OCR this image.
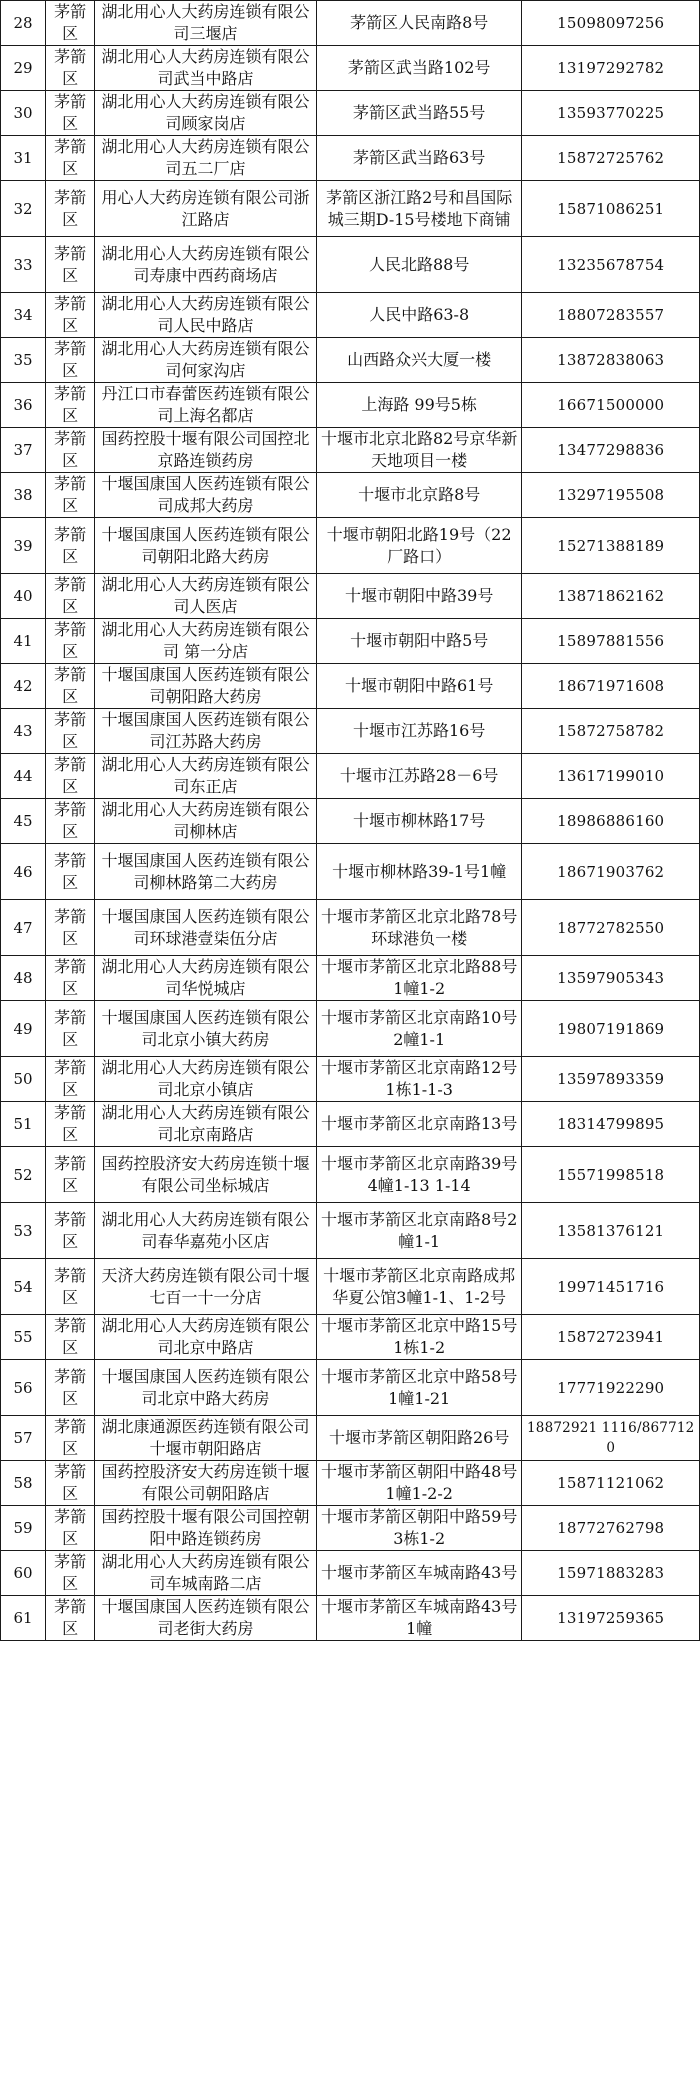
28	茅箭区	湖北用心人大药房连锁有限公司三堰店	茅箭区人民南路8号	15098097256
29	茅箭区	湖北用心人大药房连锁有限公司武当中路店	茅箭区武当路102号	13197292782
30	茅箭区	湖北用心人大药房连锁有限公司顾家岗店	茅箭区武当路55号	13593770225
31	茅箭区	湖北用心人大药房连锁有限公司五二厂店	茅箭区武当路63号	15872725762
32	茅箭区	用心人大药房连锁有限公司浙江路店	茅箭区浙江路2号和昌国际城三期D-15号楼地下商铺	15871086251
33	茅箭区	湖北用心人大药房连锁有限公司寿康中西药商场店	人民北路88号	13235678754
34	茅箭区	湖北用心人大药房连锁有限公司人民中路店	人民中路63-8	18807283557
35	茅箭区	湖北用心人大药房连锁有限公司何家沟店	山西路众兴大厦一楼	13872838063
36	茅箭区	丹江口市春蕾医药连锁有限公司上海名都店	上海路 99号5栋	16671500000
37	茅箭区	国药控股十堰有限公司国控北京路连锁药房	十堰市北京北路82号京华新天地项目一楼	13477298836
38	茅箭区	十堰国康国人医药连锁有限公司成邦大药房	十堰市北京路8号	13297195508
39	茅箭区	十堰国康国人医药连锁有限公司朝阳北路大药房	十堰市朝阳北路19号（22厂路口）	15271388189
40	茅箭区	湖北用心人大药房连锁有限公司人医店	十堰市朝阳中路39号	13871862162
41	茅箭区	湖北用心人大药房连锁有限公司 第一分店	十堰市朝阳中路5号	15897881556
42	茅箭区	十堰国康国人医药连锁有限公司朝阳路大药房	十堰市朝阳中路61号	18671971608
43	茅箭区	十堰国康国人医药连锁有限公司江苏路大药房	十堰市江苏路16号	15872758782
44	茅箭区	湖北用心人大药房连锁有限公司东正店	十堰市江苏路28－6号	13617199010
45	茅箭区	湖北用心人大药房连锁有限公司柳林店	十堰市柳林路17号	18986886160
46	茅箭区	十堰国康国人医药连锁有限公司柳林路第二大药房	十堰市柳林路39-1号1幢	18671903762
47	茅箭区	十堰国康国人医药连锁有限公司环球港壹柒伍分店	十堰市茅箭区北京北路78号环球港负一楼	18772782550
48	茅箭区	湖北用心人大药房连锁有限公司华悦城店	十堰市茅箭区北京北路88号1幢1-2	13597905343
49	茅箭区	十堰国康国人医药连锁有限公司北京小镇大药房	十堰市茅箭区北京南路10号2幢1-1	19807191869
50	茅箭区	湖北用心人大药房连锁有限公司北京小镇店	十堰市茅箭区北京南路12号1栋1-1-3	13597893359
51	茅箭区	湖北用心人大药房连锁有限公司北京南路店	十堰市茅箭区北京南路13号	18314799895
52	茅箭区	国药控股济安大药房连锁十堰有限公司坐标城店	十堰市茅箭区北京南路39号4幢1-13 1-14	15571998518
53	茅箭区	湖北用心人大药房连锁有限公司春华嘉苑小区店	十堰市茅箭区北京南路8号2幢1-1	13581376121
54	茅箭区	天济大药房连锁有限公司十堰七百一十一分店	十堰市茅箭区北京南路成邦华夏公馆3幢1-1、1-2号	19971451716
55	茅箭区	湖北用心人大药房连锁有限公司北京中路店	十堰市茅箭区北京中路15号1栋1-2	15872723941
56	茅箭区	十堰国康国人医药连锁有限公司北京中路大药房	十堰市茅箭区北京中路58号1幢1-21	17771922290
57	茅箭区	湖北康通源医药连锁有限公司十堰市朝阳路店	十堰市茅箭区朝阳路26号	18872921 1116/8677120
58	茅箭区	国药控股济安大药房连锁十堰有限公司朝阳路店	十堰市茅箭区朝阳中路48号1幢1-2-2	15871121062
59	茅箭区	国药控股十堰有限公司国控朝阳中路连锁药房	十堰市茅箭区朝阳中路59号3栋1-2	18772762798
60	茅箭区	湖北用心人大药房连锁有限公司车城南路二店	十堰市茅箭区车城南路43号	15971883283
61	茅箭区	十堰国康国人医药连锁有限公司老街大药房	十堰市茅箭区车城南路43号1幢	13197259365
